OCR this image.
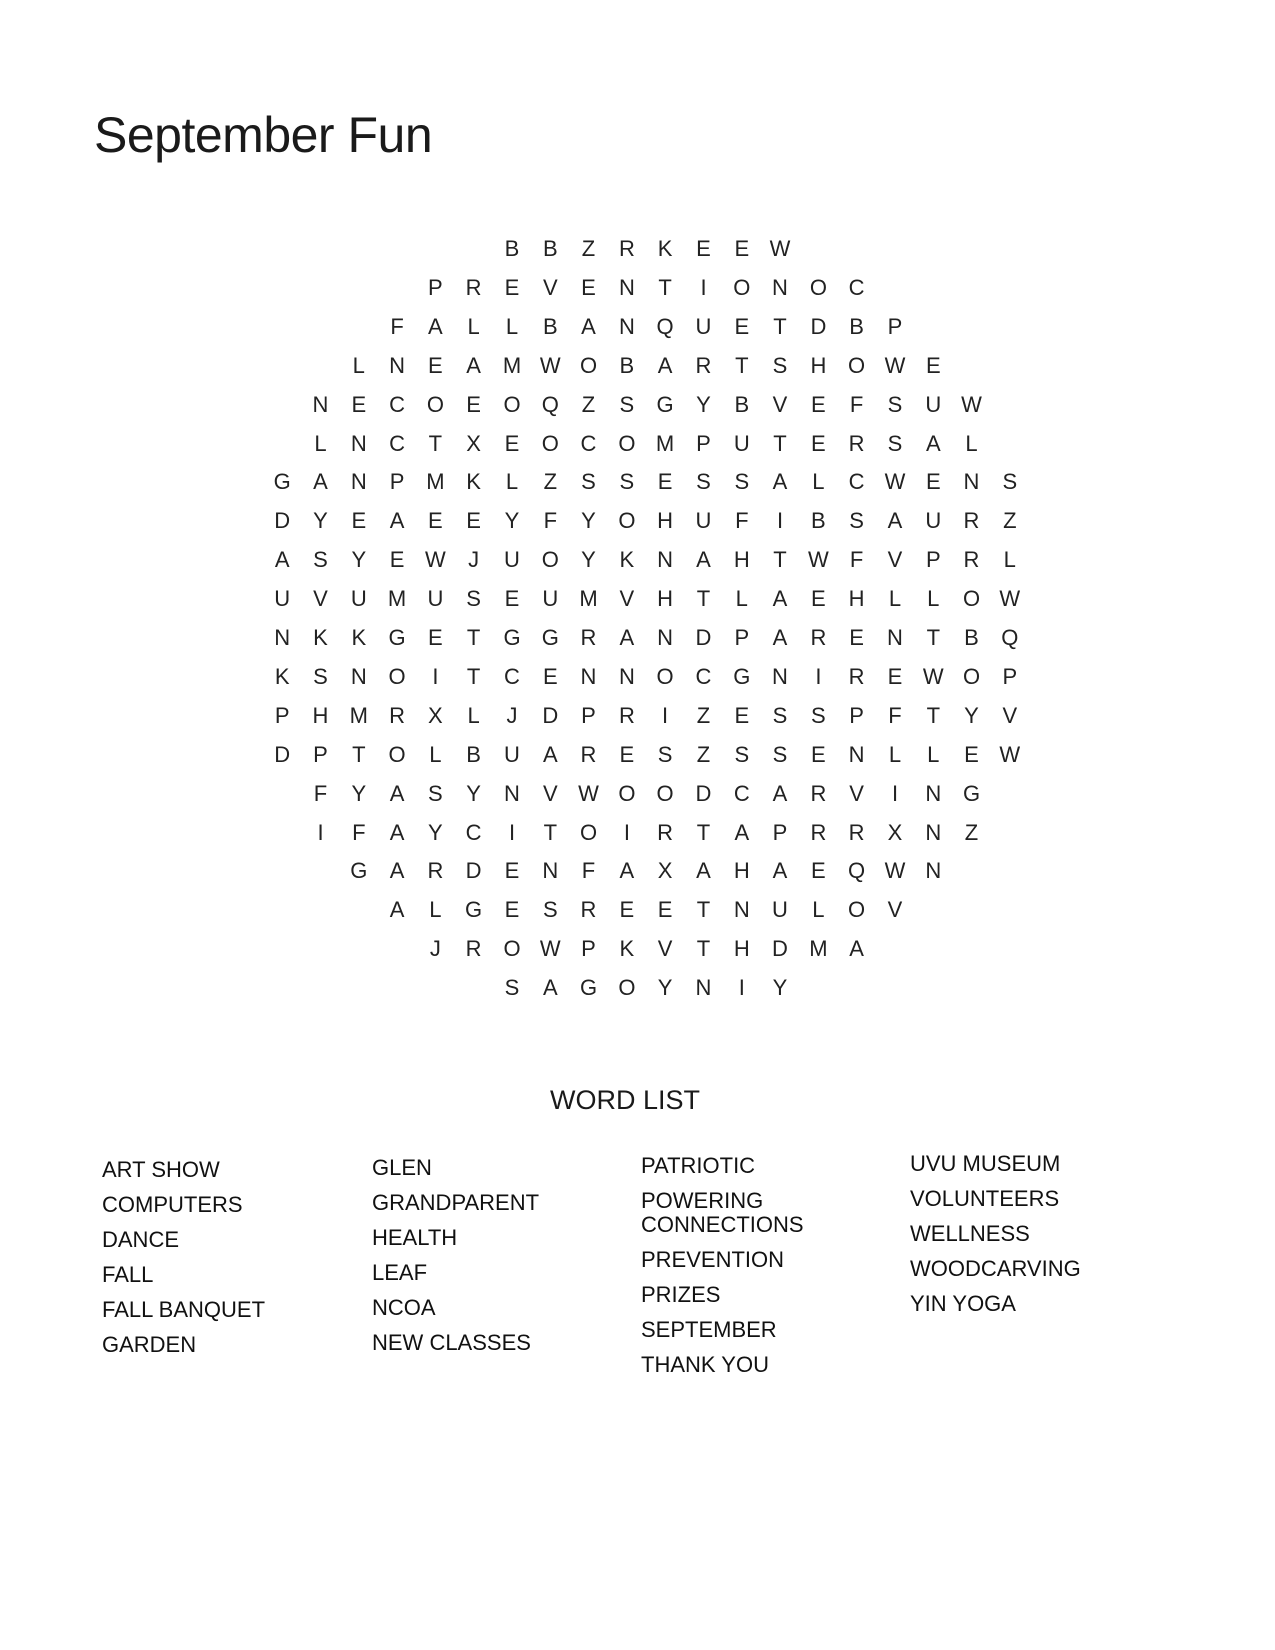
September Fun
B	B	Z	R	K	E	E W
P	R	E	V	E	N	T	I	O N O C
F	A	L	L	B	A	N Q U	E	T	D	B	P
L	N	E	A M W O	B	A	R	T	S	H O W E
N	E	C O	E	O Q	Z	S	G	Y	B	V	E	F	S	U W
L	N	C	T	X	E	O C O M P	U	T	E	R	S	A	L
G	A	N	P M K	L	Z	S	S	E	S	S	A	L	C W E	N	S
D	Y	E	A	E	E	Y	F	Y	O H	U	F	I	B	S	A	U	R	Z
A	S	Y	E W	J	U O	Y	K	N	A	H	T W F	V	P	R	L
U	V	U M U	S	E	U M V	H	T	L	A	E	H	L	L	O W
N	K	K	G	E	T	G G R	A	N	D	P	A	R	E	N	T	B	Q
K	S	N O	I	T	C	E	N	N O C G N	I	R	E W O	P
P	H M R	X	L	J	D	P	R	I	Z	E	S	S	P	F	T	Y	V
D	P	T	O	L	B	U	A	R	E	S	Z	S	S	E	N	L	L	E W
F	Y	A	S	Y	N	V W O O D	C	A	R	V	I	N G
I	F	A	Y	C	I	T	O	I	R	T	A	P	R	R	X	N	Z
G	A	R	D	E	N	F	A	X	A	H	A	E	Q W N
A	L	G	E	S	R	E	E	T	N	U	L	O	V
J	R O W P	K	V	T	H	D M A
S	A	G O	Y	N	I	Y
WORD LIST
ART SHOW
COMPUTERS
DANCE
FALL
FALL BANQUET
GARDEN
GLEN
GRANDPARENT
HEALTH
LEAF
NCOA
NEW CLASSES
PATRIOTIC
POWERING
CONNECTIONS
PREVENTION
PRIZES
SEPTEMBER
THANK YOU
UVU MUSEUM
VOLUNTEERS
WELLNESS
WOODCARVING
YIN YOGA
